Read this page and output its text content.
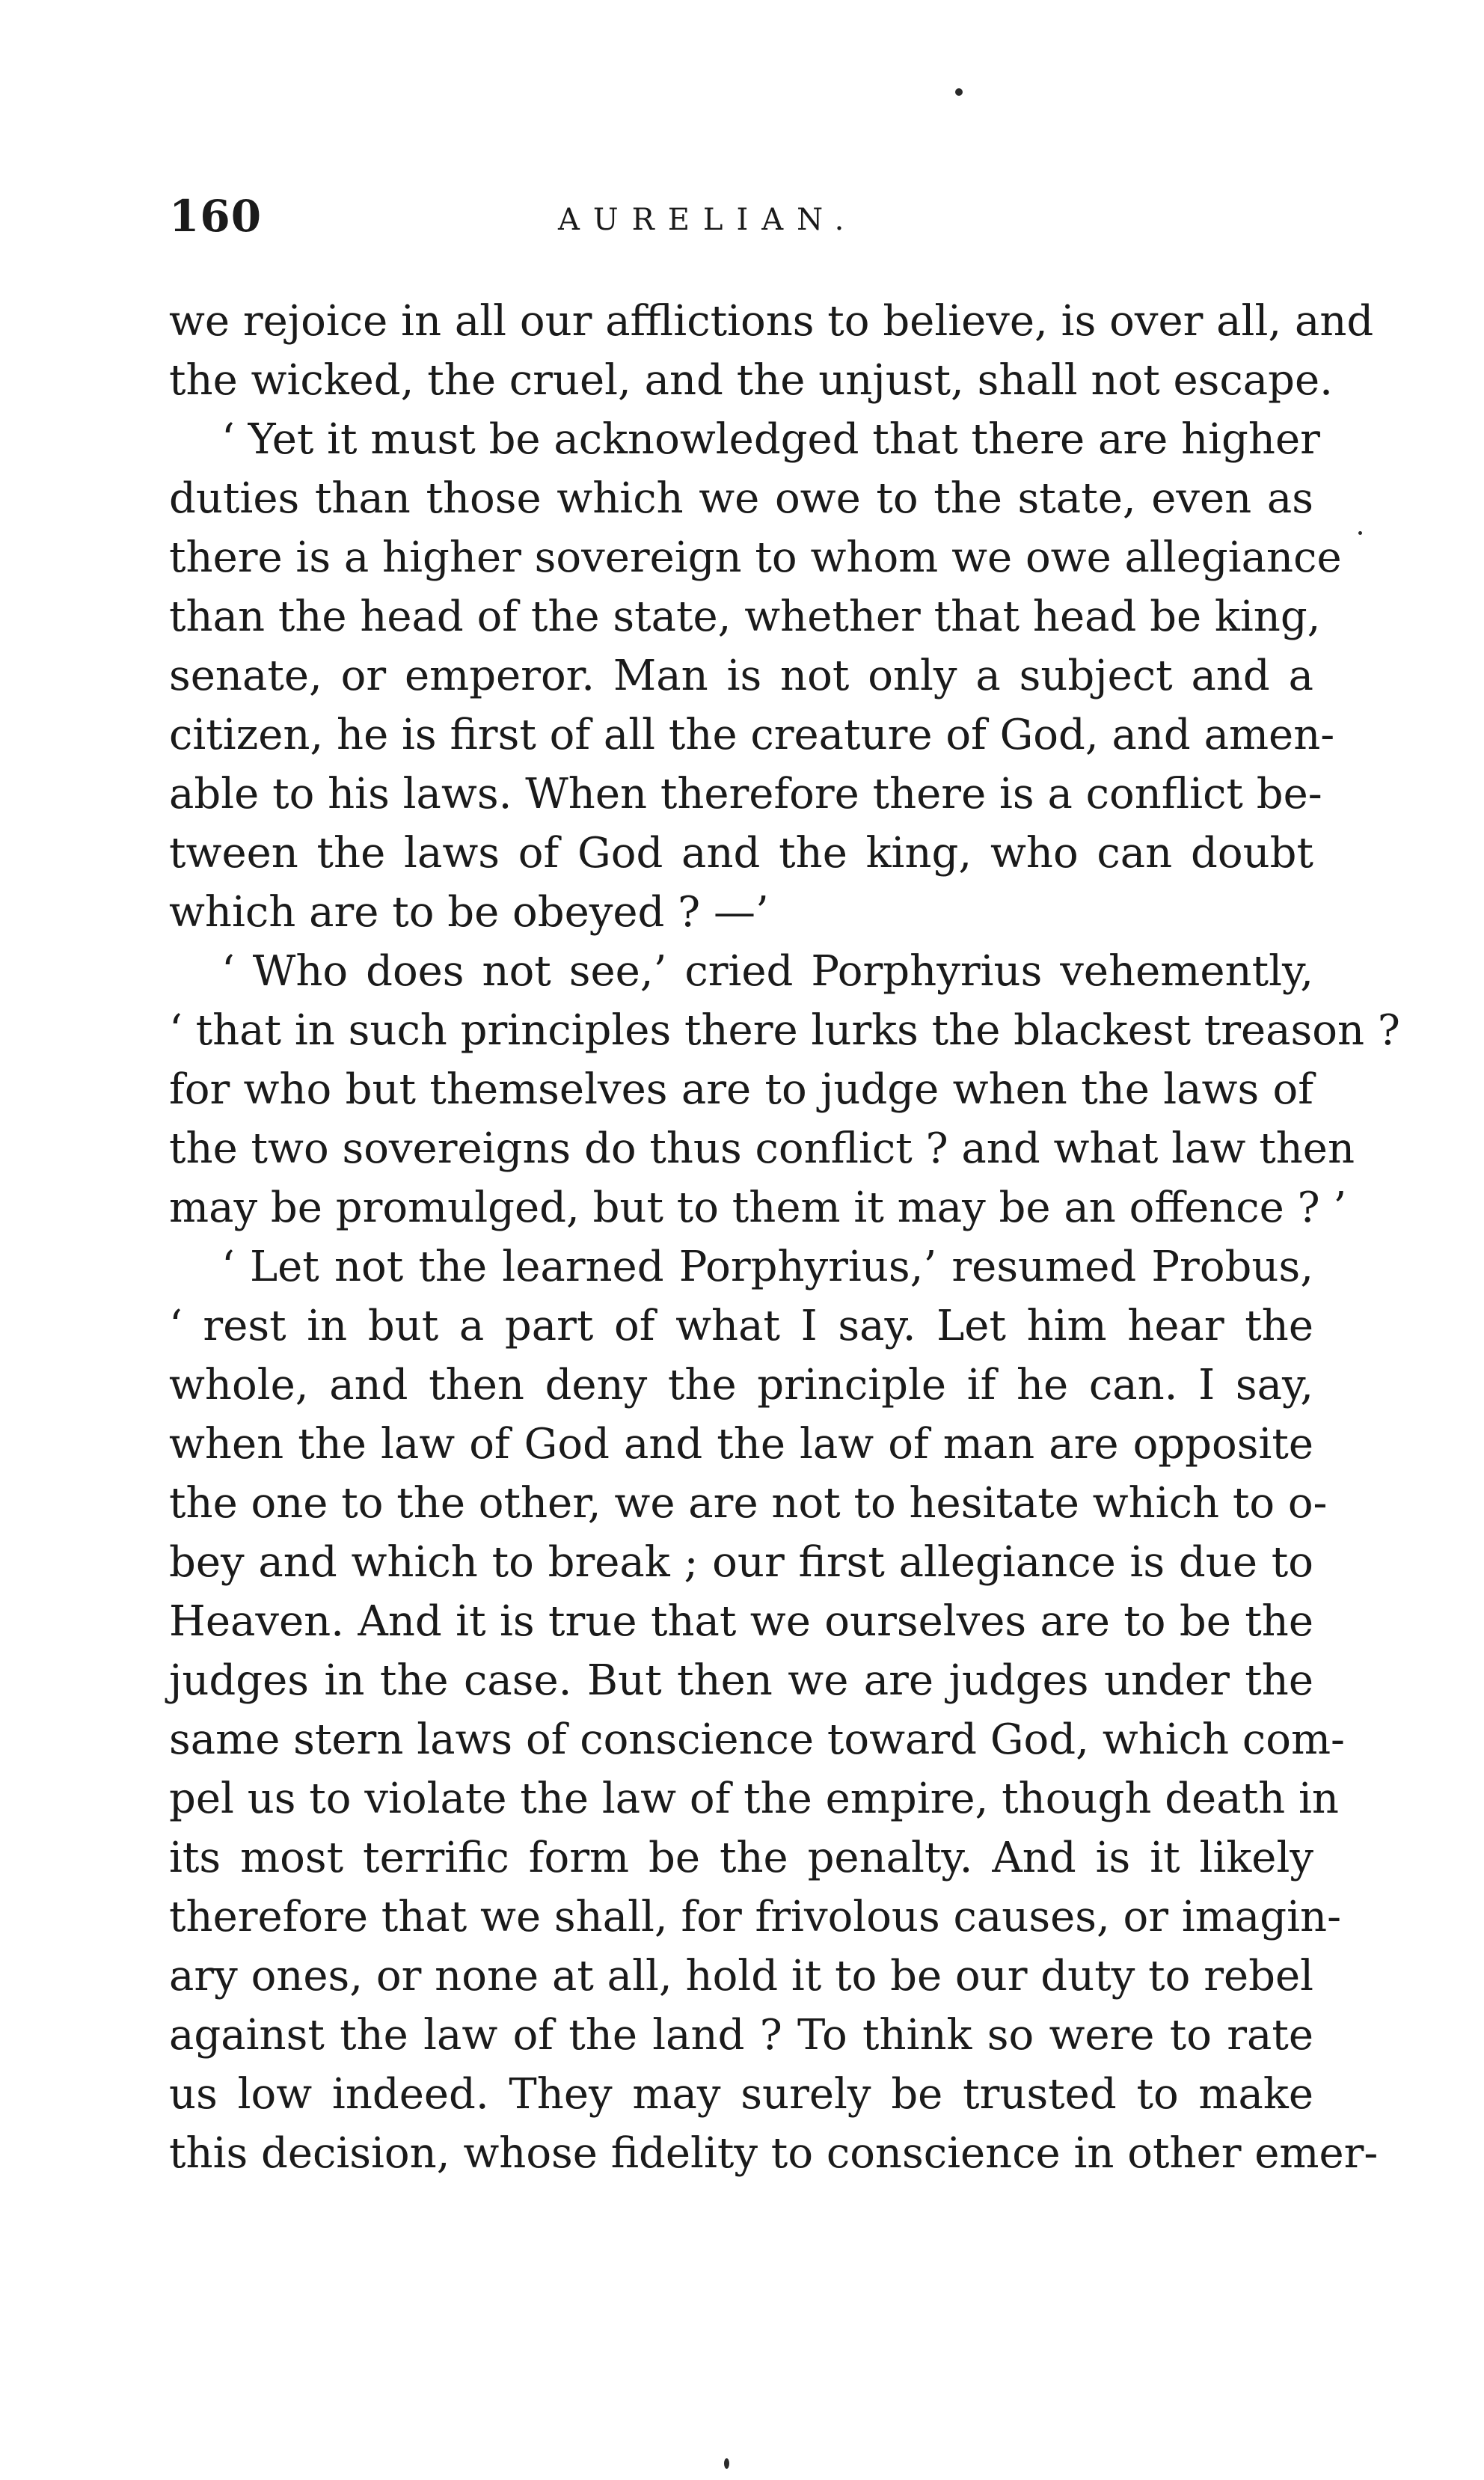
160	AURELIAN.
we rejoice in all our afflictions to believe, is over all, and
the wicked, the cruel, and the unjust, shall not escape.
‘ Yet it must be acknowledged that there are higher
duties than those which we owe to the state, even as
there is a higher sovereign to whom we owe allegiance
than the head of the state, whether that head be king,
senate, or emperor. Man is not only a subject and a
citizen, he is first of all the creature of God, and amen-
able to his laws. When therefore there is a conflict be-
tween the laws of God and the king, who can doubt
which are to be obeyed ? —’
‘ Who does not see,’ cried Porphyrius vehemently,
‘ that in such principles there lurks the blackest treason ?
for who but themselves are to judge when the laws of
the two sovereigns do thus conflict ? and what law then
may be promulged, but to them it may be an offence ? ’
‘ Let not the learned Porphyrius,’ resumed Probus,
‘ rest in but a part of what I say. Let him hear the
whole, and then deny the principle if he can. I say,
when the law of God and the law of man are opposite
the one to the other, we are not to hesitate which to o-
bey and which to break ; our first allegiance is due to
Heaven. And it is true that we ourselves are to be the
judges in the case. But then we are judges under the
same stern laws of conscience toward God, which com-
pel us to violate the law of the empire, though death in
its most terrific form be the penalty. And is it likely
therefore that we shall, for frivolous causes, or imagin-
ary ones, or none at all, hold it to be our duty to rebel
against the law of the land ? To think so were to rate
us low indeed. They may surely be trusted to make
this decision, whose fidelity to conscience in other emer-
